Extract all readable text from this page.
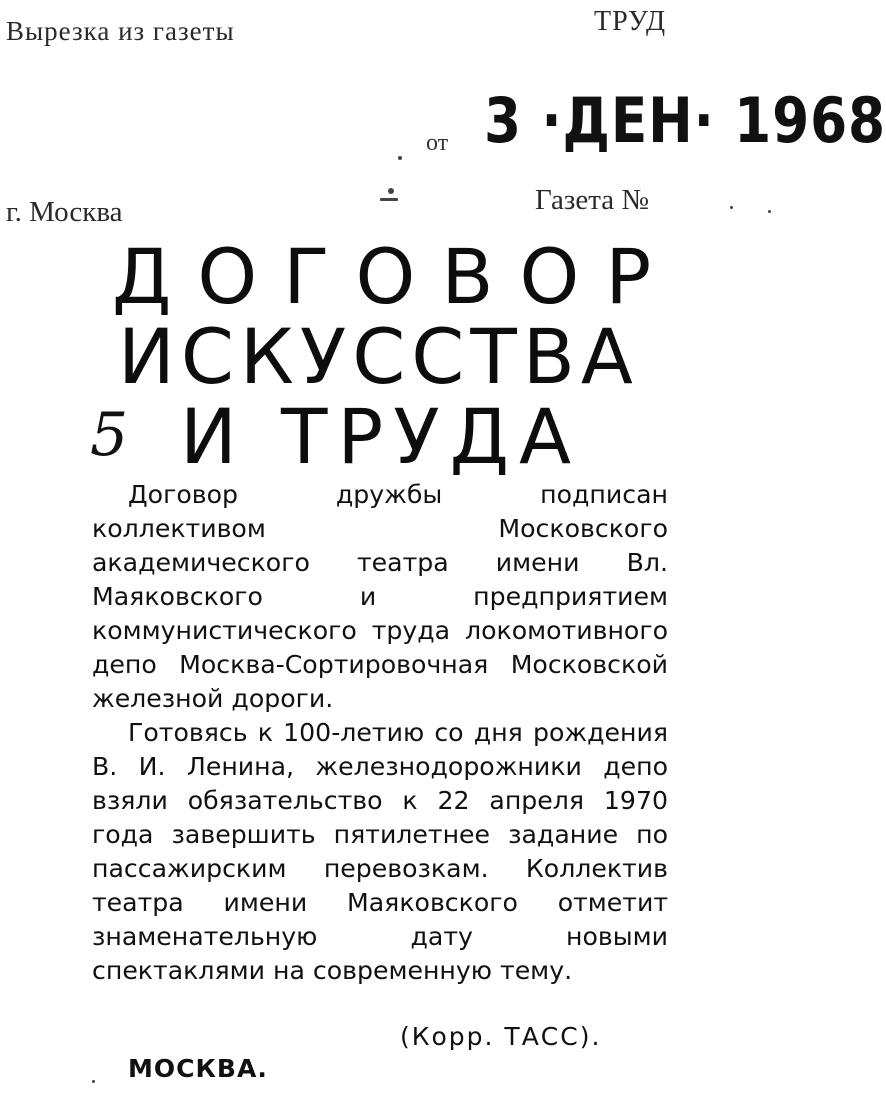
Вырезка из газеты	ТРУД
от 3 ·ДЕН· 1968
г. Москва	Газета №
ДОГОВОР
ИСКУССТВА
5 И ТРУДА

Договор дружбы подписан коллективом Московского академического театра имени Вл. Маяковского и предприятием коммунистического труда локомотивного депо Москва-Сортировочная Московской железной дороги.

Готовясь к 100-летию со дня рождения В. И. Ленина, железнодорожники депо взяли обязательство к 22 апреля 1970 года завершить пятилетнее задание по пассажирским перевозкам. Коллектив театра имени Маяковского отметит знаменательную дату новыми спектаклями на современную тему.

(Корр. ТАСС).
МОСКВА.
